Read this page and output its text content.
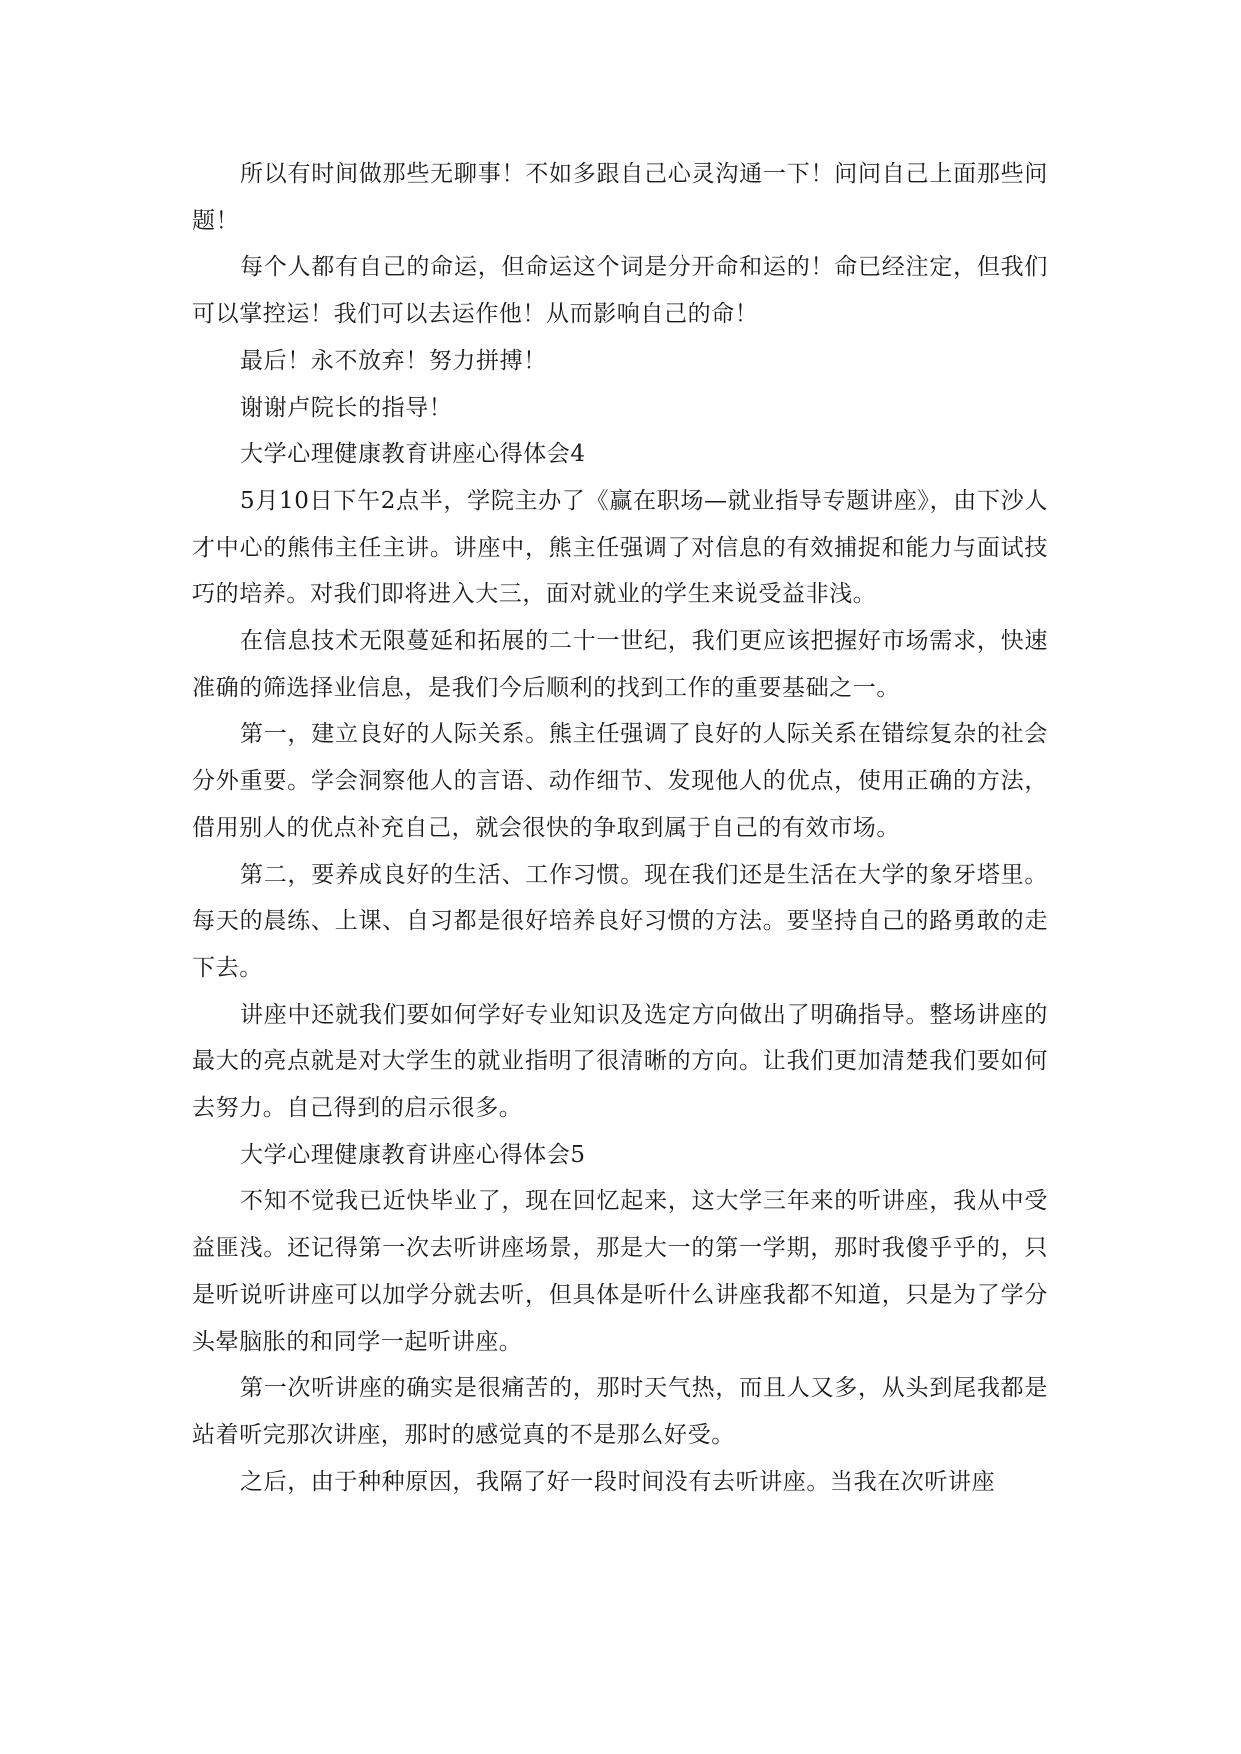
所以有时间做那些无聊事！不如多跟自己心灵沟通一下！问问自己上面那些问题！

每个人都有自己的命运，但命运这个词是分开命和运的！命已经注定，但我们可以掌控运！我们可以去运作他！从而影响自己的命！

最后！永不放弃！努力拼搏！

谢谢卢院长的指导！

大学心理健康教育讲座心得体会4

5月10日下午2点半，学院主办了《赢在职场—就业指导专题讲座》，由下沙人才中心的熊伟主任主讲。讲座中，熊主任强调了对信息的有效捕捉和能力与面试技巧的培养。对我们即将进入大三，面对就业的学生来说受益非浅。

在信息技术无限蔓延和拓展的二十一世纪，我们更应该把握好市场需求，快速准确的筛选择业信息，是我们今后顺利的找到工作的重要基础之一。

第一，建立良好的人际关系。熊主任强调了良好的人际关系在错综复杂的社会分外重要。学会洞察他人的言语、动作细节、发现他人的优点，使用正确的方法，借用别人的优点补充自己，就会很快的争取到属于自己的有效市场。

第二，要养成良好的生活、工作习惯。现在我们还是生活在大学的象牙塔里。每天的晨练、上课、自习都是很好培养良好习惯的方法。要坚持自己的路勇敢的走下去。

讲座中还就我们要如何学好专业知识及选定方向做出了明确指导。整场讲座的最大的亮点就是对大学生的就业指明了很清晰的方向。让我们更加清楚我们要如何去努力。自己得到的启示很多。

大学心理健康教育讲座心得体会5

不知不觉我已近快毕业了，现在回忆起来，这大学三年来的听讲座，我从中受益匪浅。还记得第一次去听讲座场景，那是大一的第一学期，那时我傻乎乎的，只是听说听讲座可以加学分就去听，但具体是听什么讲座我都不知道，只是为了学分头晕脑胀的和同学一起听讲座。

第一次听讲座的确实是很痛苦的，那时天气热，而且人又多，从头到尾我都是站着听完那次讲座，那时的感觉真的不是那么好受。

之后，由于种种原因，我隔了好一段时间没有去听讲座。当我在次听讲座
